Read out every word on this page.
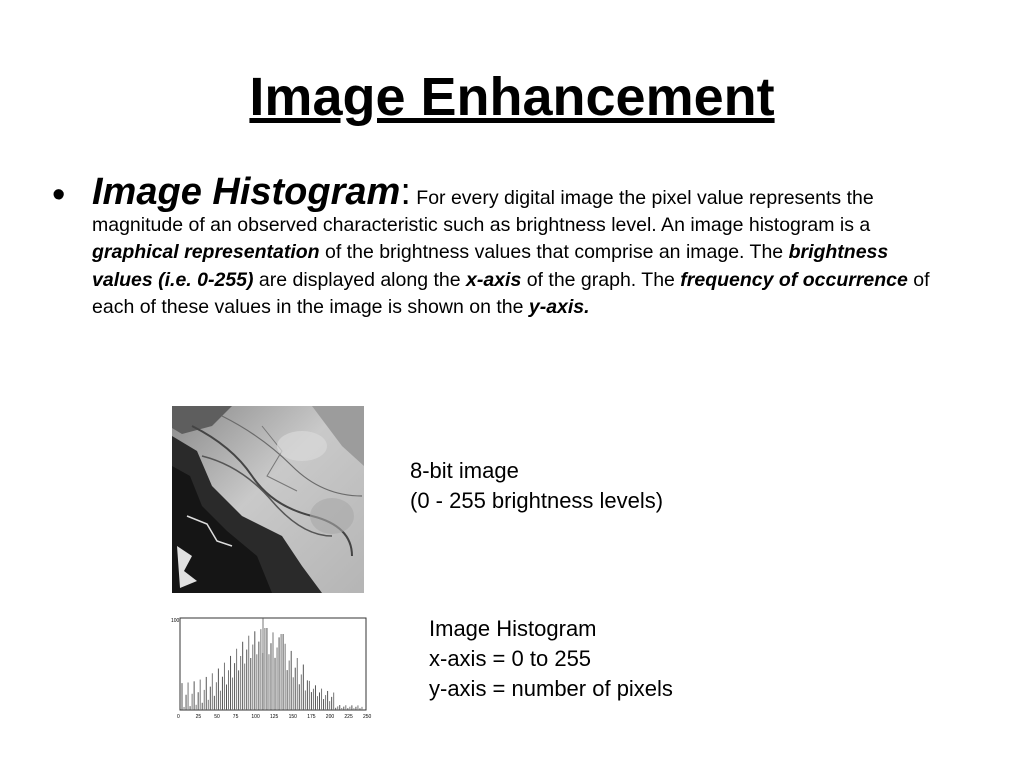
Image Enhancement
• Image Histogram: For every digital image the pixel value represents the magnitude of an observed characteristic such as brightness level. An image histogram is a graphical representation of the brightness values that comprise an image. The brightness values (i.e. 0-255) are displayed along the x-axis of the graph. The frequency of occurrence of each of these values in the image is shown on the y-axis.
100
0	25	50	75	100 125 150 175 200 225 250
8-bit image
(0 - 255 brightness levels)
Image Histogram
x-axis = 0 to 255
y-axis = number of pixels
